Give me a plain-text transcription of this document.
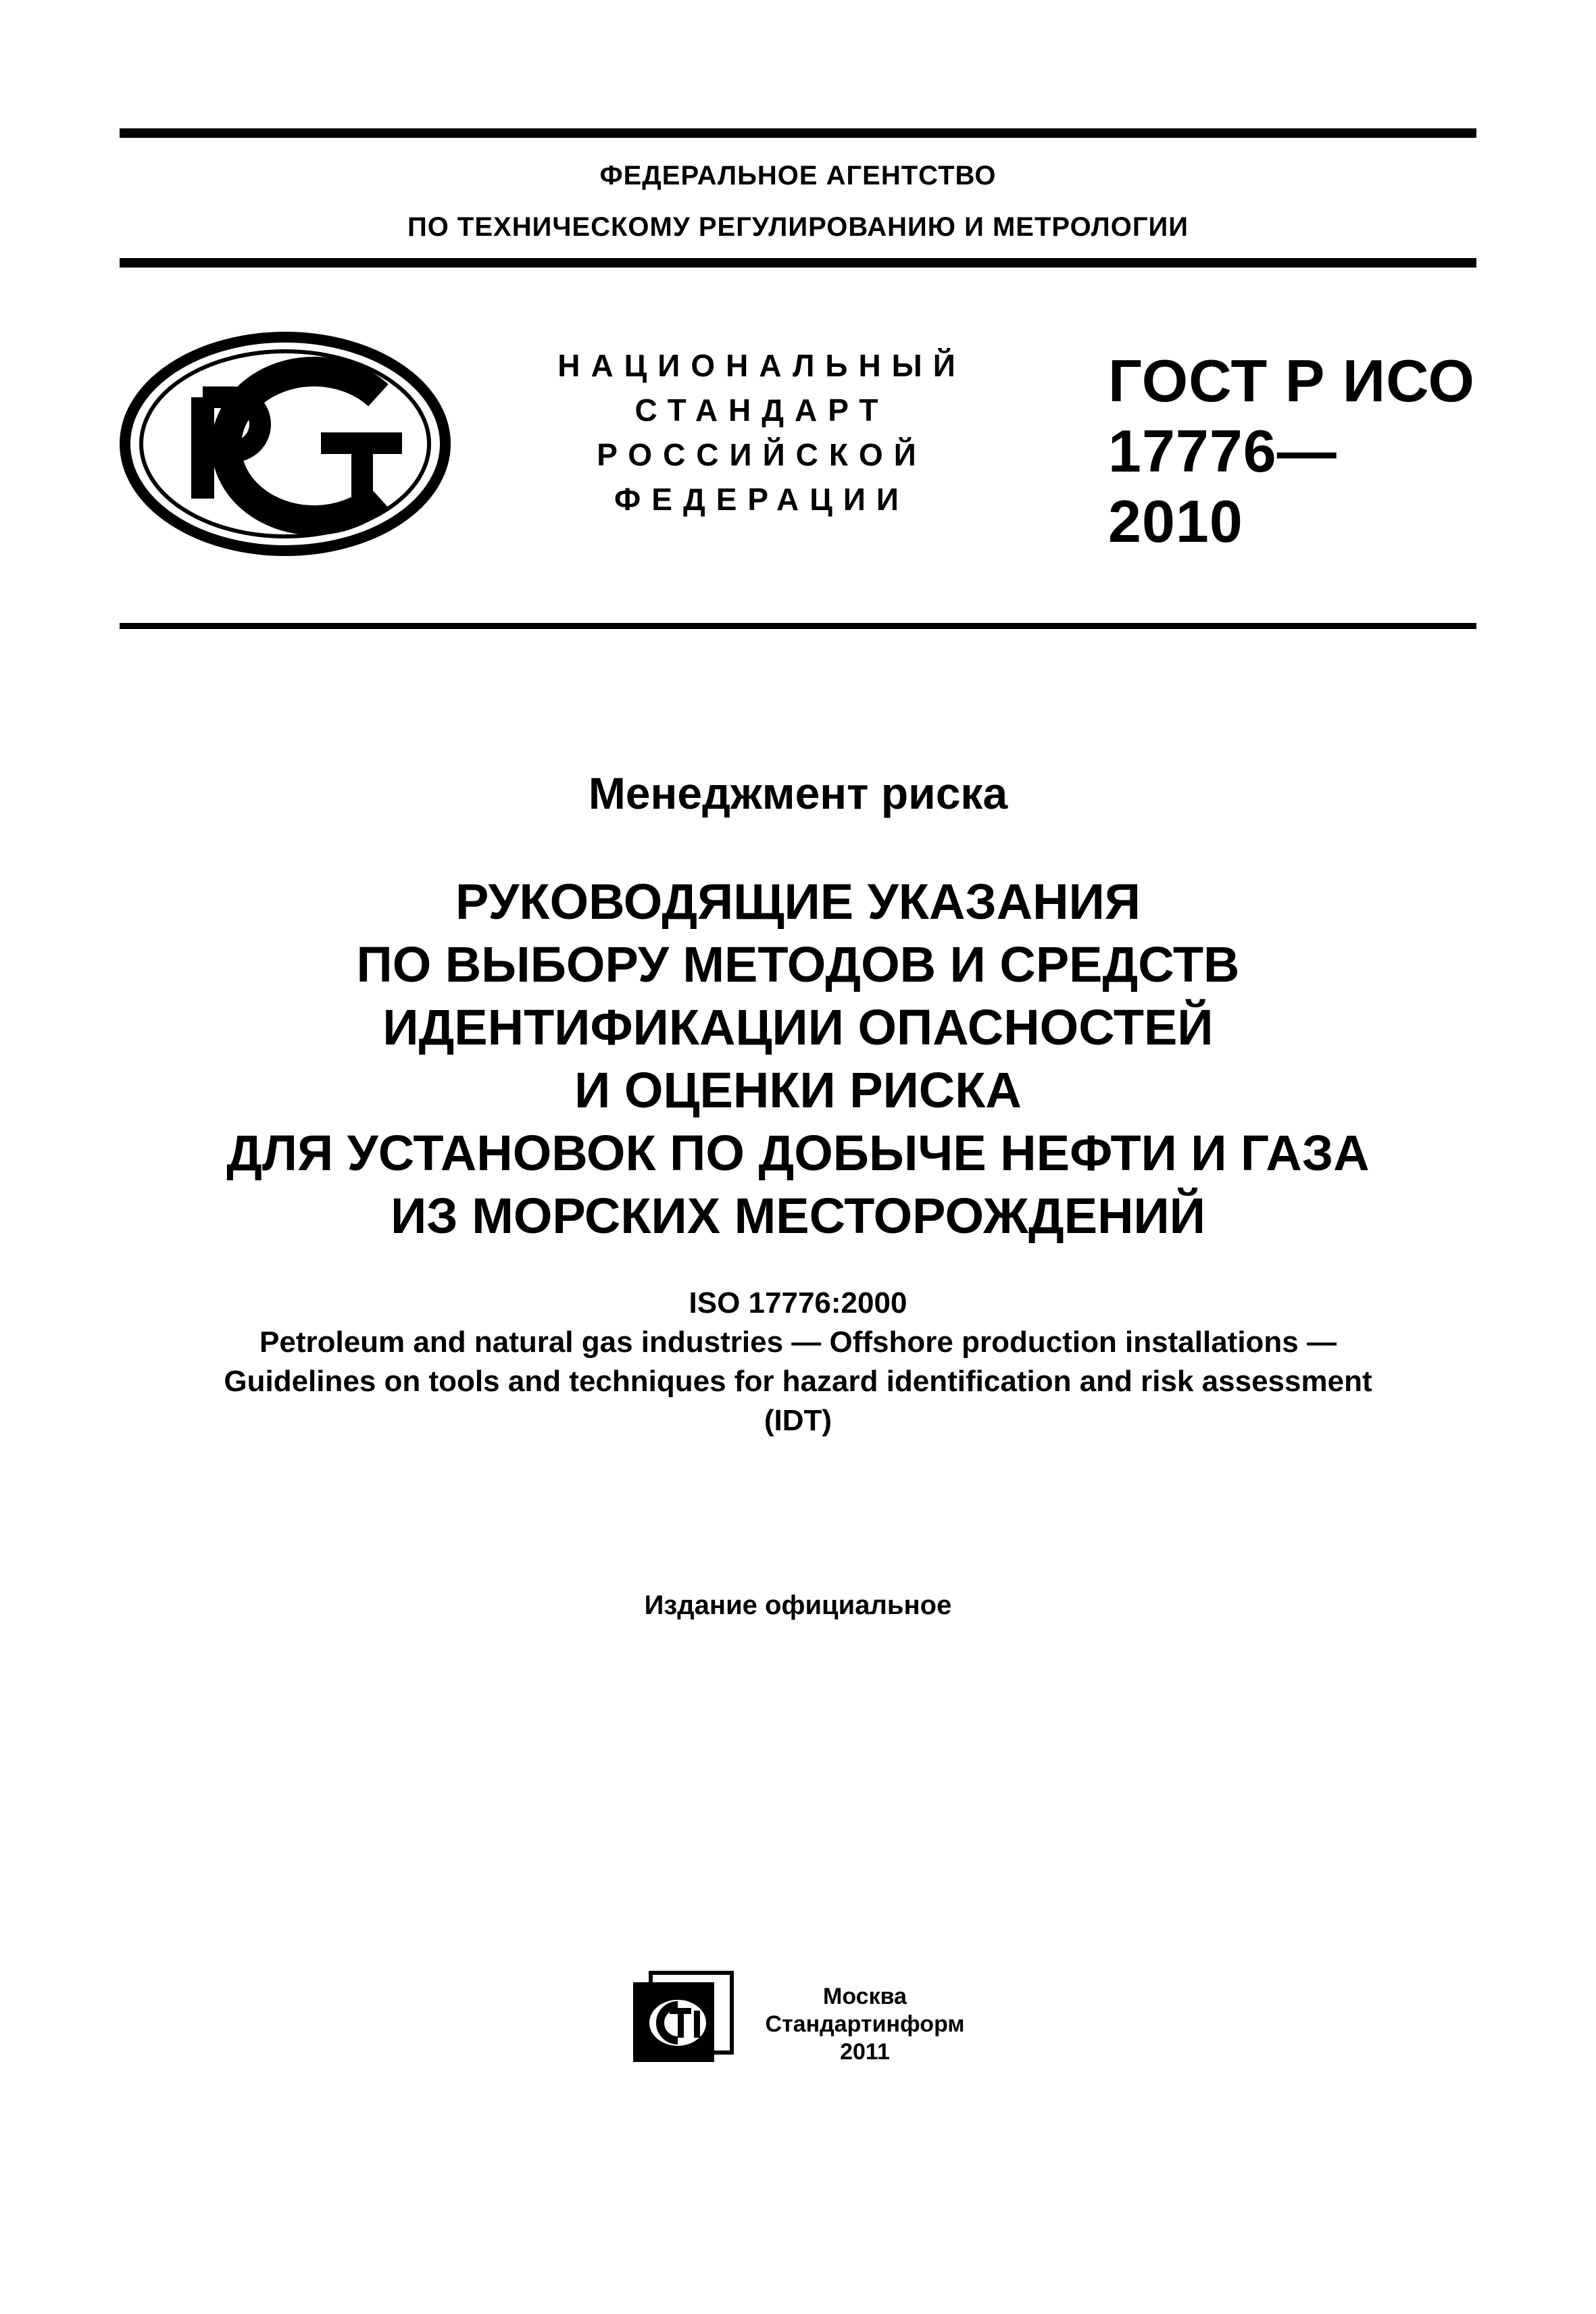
ФЕДЕРАЛЬНОЕ АГЕНТСТВО
ПО ТЕХНИЧЕСКОМУ РЕГУЛИРОВАНИЮ И МЕТРОЛОГИИ
НАЦИОНАЛЬНЫЙ
СТАНДАРТ
РОССИЙСКОЙ
ФЕДЕРАЦИИ
ГОСТ Р ИСО
17776—
2010
Менеджмент риска
РУКОВОДЯЩИЕ УКАЗАНИЯ
ПО ВЫБОРУ МЕТОДОВ И СРЕДСТВ
ИДЕНТИФИКАЦИИ ОПАСНОСТЕЙ
И ОЦЕНКИ РИСКА
ДЛЯ УСТАНОВОК ПО ДОБЫЧЕ НЕФТИ И ГАЗА
ИЗ МОРСКИХ МЕСТОРОЖДЕНИЙ
ISO 17776:2000
Petroleum and natural gas industries — Offshore production installations —
Guidelines on tools and techniques for hazard identification and risk assessment
(IDT)
Издание официальное
Москва
Стандартинформ
2011
